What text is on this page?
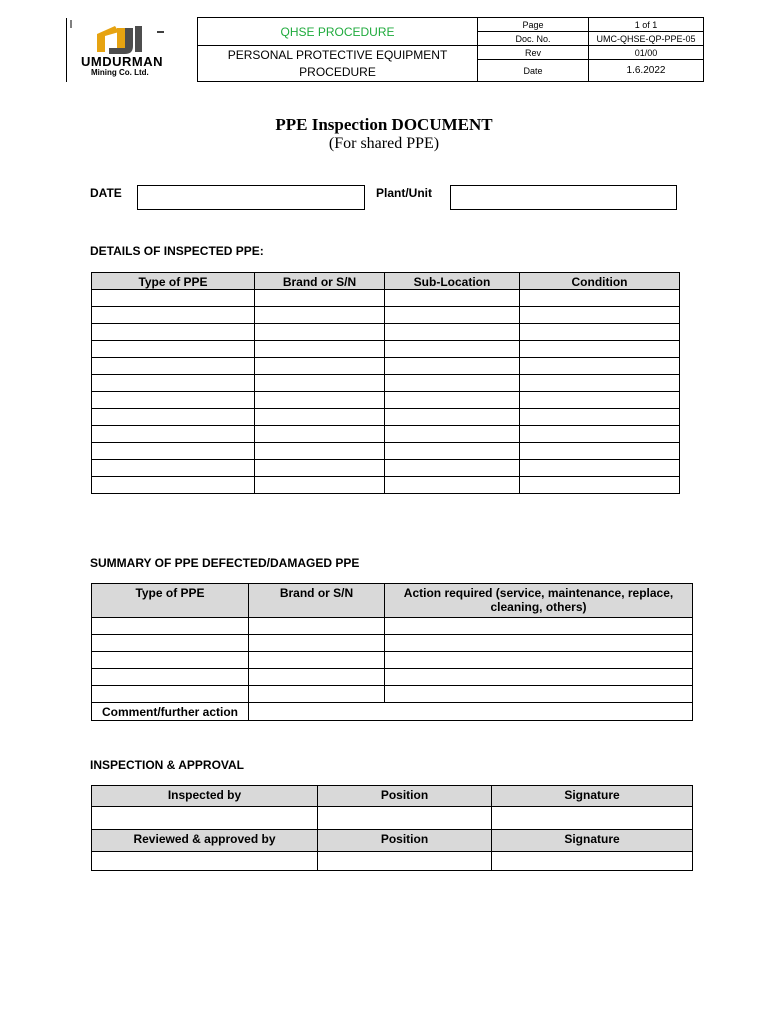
UMDURMAN
Mining Co. Ltd.	QHSE PROCEDURE	Page	1 of 1
		Doc. No.	UMC-QHSE-QP-PPE-05
	PERSONAL PROTECTIVE EQUIPMENT PROCEDURE	Rev	01/00
		Date	1.6.2022
PPE Inspection DOCUMENT
(For shared PPE)
DATE	Plant/Unit
DETAILS OF INSPECTED PPE:
Type of PPE	Brand or S/N	Sub-Location	Condition

SUMMARY OF PPE DEFECTED/DAMAGED PPE
Type of PPE	Brand or S/N	Action required (service, maintenance, replace, cleaning, others)

Comment/further action		
INSPECTION & APPROVAL
Inspected by	Position	Signature

Reviewed & approved by	Position	Signature
